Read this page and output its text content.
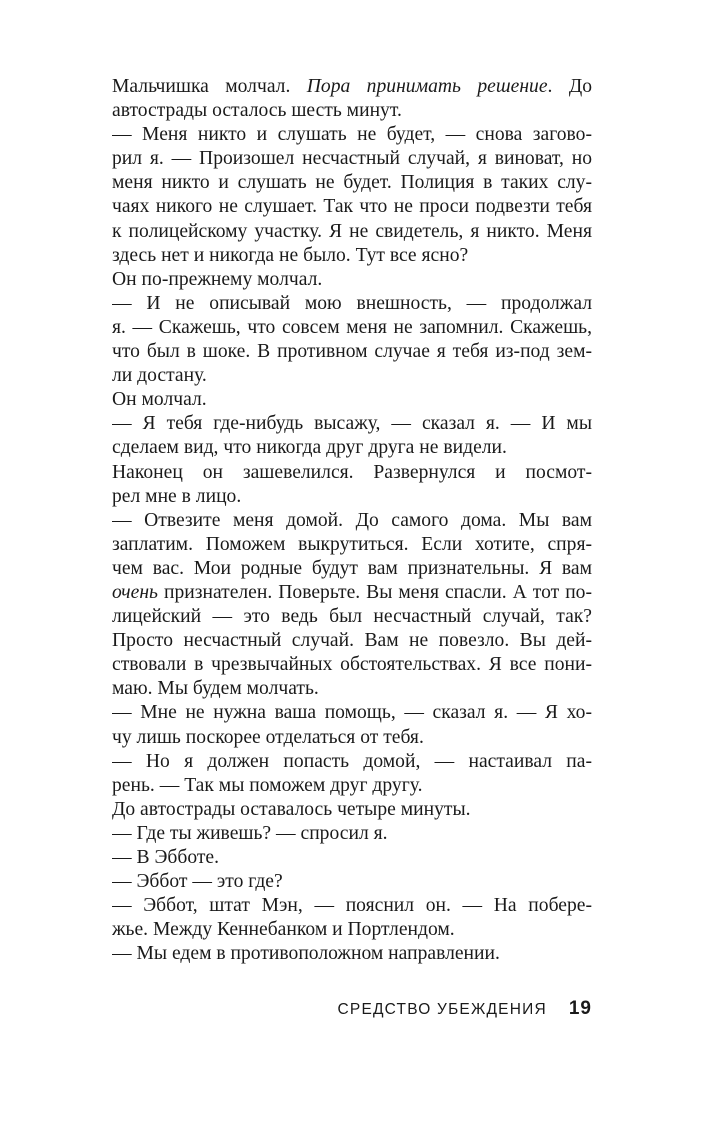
Мальчишка молчал. Пора принимать решение. До
автострады осталось шесть минут.
— Меня никто и слушать не будет, — снова загово-
рил я. — Произошел несчастный случай, я виноват, но
меня никто и слушать не будет. Полиция в таких слу-
чаях никого не слушает. Так что не проси подвезти тебя
к полицейскому участку. Я не свидетель, я никто. Меня
здесь нет и никогда не было. Тут все ясно?
Он по-прежнему молчал.
— И не описывай мою внешность, — продолжал
я. — Скажешь, что совсем меня не запомнил. Скажешь,
что был в шоке. В противном случае я тебя из-под зем-
ли достану.
Он молчал.
— Я тебя где-нибудь высажу, — сказал я. — И мы
сделаем вид, что никогда друг друга не видели.
Наконец он зашевелился. Развернулся и посмот-
рел мне в лицо.
— Отвезите меня домой. До самого дома. Мы вам
заплатим. Поможем выкрутиться. Если хотите, спря-
чем вас. Мои родные будут вам признательны. Я вам
очень признателен. Поверьте. Вы меня спасли. А тот по-
лицейский — это ведь был несчастный случай, так?
Просто несчастный случай. Вам не повезло. Вы дей-
ствовали в чрезвычайных обстоятельствах. Я все пони-
маю. Мы будем молчать.
— Мне не нужна ваша помощь, — сказал я. — Я хо-
чу лишь поскорее отделаться от тебя.
— Но я должен попасть домой, — настаивал па-
рень. — Так мы поможем друг другу.
До автострады оставалось четыре минуты.
— Где ты живешь? — спросил я.
— В Эбботе.
— Эббот — это где?
— Эббот, штат Мэн, — пояснил он. — На побере-
жье. Между Кеннебанком и Портлендом.
— Мы едем в противоположном направлении.
СРЕДСТВО УБЕЖДЕНИЯ 19
